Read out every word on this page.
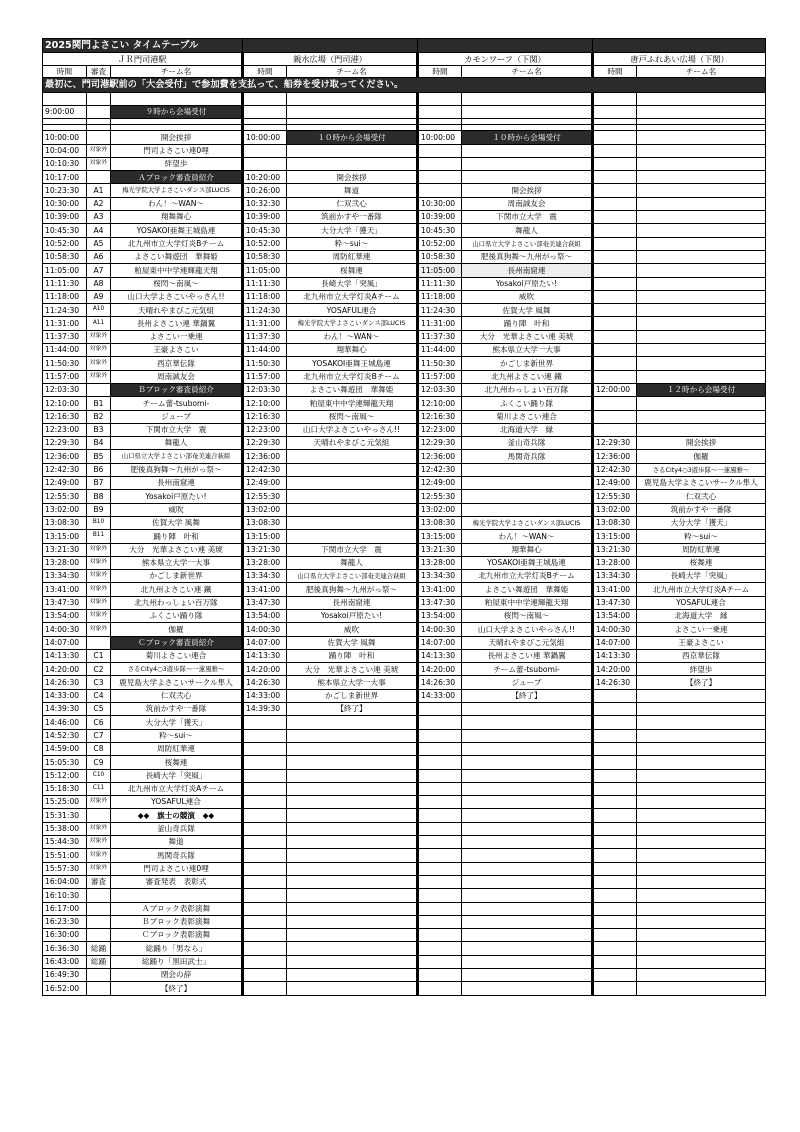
2025関門よさこい タイムテーブル								
ＪＲ門司港駅			親水広場（門司港）		カモンワーフ（下関）		唐戸ふれあい広場（下関）	
時間	審査	チーム名	時間	チーム名	時間	チーム名	時間	チーム名
最初に、門司港駅前の「大会受付」で参加費を支払って、船券を受け取ってください。								

9:00:00		９時から会場受付						

10:00:00		開会挨拶	10:00:00	１０時から会場受付	10:00:00	１０時から会場受付		
10:04:00	対象外	門司よさこい連0哩						
10:10:30	対象外	絆望歩						
10:17:00		Ａブロック審査員紹介	10:20:00	開会挨拶				
10:23:30	A1	梅光学院大学よさこいダンス部LUCIS	10:26:00	舞道		開会挨拶		
10:30:00	A2	わん！～WAN～	10:32:30	仁双弐心	10:30:00	周南誠友会		
10:39:00	A3	翔舞舞心	10:39:00	筑前かすや一番隊	10:39:00	下関市立大学　震		
10:45:30	A4	YOSAKOI亜舞王城島連	10:45:30	大分大学「獲天」	10:45:30	舞龍人		
10:52:00	A5	北九州市立大学灯炎Bチーム	10:52:00	粋～sui～	10:52:00	山口県立大学よさこい部奄美連合萩組		
10:58:30	A6	よさこい舞遊団　華舞姫	10:58:30	周防紅華連	10:58:30	肥後真狗舞～九州がっ祭～		
11:05:00	A7	粕屋東中中学連輝龍天翔	11:05:00	桜舞連	11:05:00	長州南窟連		
11:11:30	A8	桜閃～南風～	11:11:30	長崎大学「突風」	11:11:30	Yosakoi戸原たい!		
11:18:00	A9	山口大学よさこいやっさん!!	11:18:00	北九州市立大学灯炎Aチーム	11:18:00	威吹		
11:24:30	A10	天晴れやまびこ元気組	11:24:30	YOSAFUL連合	11:24:30	佐賀大学 風舞		
11:31:00	A11	長州よさこい連 華鍋翼	11:31:00	梅光学院大学よさこいダンス部LUCIS	11:31:00	踊り陣　叶和		
11:37:30	対象外	よさこい一乗連	11:37:30	わん！～WAN～	11:37:30	大分　光華よさこい連 美琥		
11:44:00	対象外	王豪よさこい	11:44:00	翔華舞心	11:44:00	熊本県立大学一大事		
11:50:30	対象外	西京華伝隊	11:50:30	YOSAKOI亜舞王城島連	11:50:30	かごしま新世界		
11:57:00	対象外	周南誠友会	11:57:00	北九州市立大学灯炎Bチーム	11:57:00	北九州よさこい連 鐵		
12:03:30		Ｂブロック審査員紹介	12:03:30	よさこい舞遊団　華舞姫	12:03:30	北九州わっしょい百万隊	12:00:00	１２時から会場受付
12:10:00	B1	チーム蕾-tsubomi-	12:10:00	粕屋東中中学連輝龍天翔	12:10:00	ふくこい踊り隊		
12:16:30	B2	ジューブ	12:16:30	桜閃～南風～	12:16:30	菊川よさこい連合		
12:23:00	B3	下関市立大学　震	12:23:00	山口大学よさこいやっさん!!	12:23:00	北海道大学　縁		
12:29:30	B4	舞龍人	12:29:30	天晴れやまびこ元気組	12:29:30	釜山奇兵隊	12:29:30	開会挨拶
12:36:00	B5	山口県立大学よさこい部奄美連合萩組	12:36:00		12:36:00	馬関奇兵隊	12:36:00	伽羅
12:42:30	B6	肥後真狗舞～九州がっ祭～	12:42:30		12:42:30		12:42:30	さるCity4○3遊歩隊～一蓮風雅～
12:49:00	B7	長州南窟連	12:49:00		12:49:00		12:49:00	鹿児島大学よさこいサークル隼人
12:55:30	B8	Yosakoi戸原たい!	12:55:30		12:55:30		12:55:30	仁双弐心
13:02:00	B9	威吹	13:02:00		13:02:00		13:02:00	筑前かすや一番隊
13:08:30	B10	佐賀大学 風舞	13:08:30		13:08:30	梅光学院大学よさこいダンス部LUCIS	13:08:30	大分大学「獲天」
13:15:00	B11	踊り陣　叶和	13:15:00		13:15:00	わん！～WAN～	13:15:00	粋～sui～
13:21:30	対象外	大分　光華よさこい連 美琥	13:21:30	下関市立大学　震	13:21:30	翔華舞心	13:21:30	周防紅華連
13:28:00	対象外	熊本県立大学一大事	13:28:00	舞龍人	13:28:00	YOSAKOI亜舞王城島連	13:28:00	桜舞連
13:34:30	対象外	かごしま新世界	13:34:30	山口県立大学よさこい部奄美連合萩組	13:34:30	北九州市立大学灯炎Bチーム	13:34:30	長崎大学「突風」
13:41:00	対象外	北九州よさこい連 鐵	13:41:00	肥後真狗舞～九州がっ祭～	13:41:00	よさこい舞遊団　華舞姫	13:41:00	北九州市立大学灯炎Aチーム
13:47:30	対象外	北九州わっしょい百万隊	13:47:30	長州南窟連	13:47:30	粕屋東中中学連輝龍天翔	13:47:30	YOSAFUL連合
13:54:00	対象外	ふくこい踊り隊	13:54:00	Yosakoi戸原たい!	13:54:00	桜閃～南風～	13:54:00	北海道大学　縁
14:00:30	対象外	伽羅	14:00:30	威吹	14:00:30	山口大学よさこいやっさん!!	14:00:30	よさこい一乗連
14:07:00		Ｃブロック審査員紹介	14:07:00	佐賀大学 風舞	14:07:00	天晴れやまびこ元気組	14:07:00	王豪よさこい
14:13:30	C1	菊川よさこい連合	14:13:30	踊り陣　叶和	14:13:30	長州よさこい連 華鍋翼	14:13:30	西京華伝隊
14:20:00	C2	さるCity4○3遊歩隊～一蓮風雅～	14:20:00	大分　光華よさこい連 美琥	14:20:00	チーム蕾-tsubomi-	14:20:00	絆望歩
14:26:30	C3	鹿児島大学よさこいサークル隼人	14:26:30	熊本県立大学一大事	14:26:30	ジューブ	14:26:30	【終了】
14:33:00	C4	仁双弐心	14:33:00	かごしま新世界	14:33:00	【終了】		
14:39:30	C5	筑前かすや一番隊	14:39:30	【終了】				
14:46:00	C6	大分大学「獲天」						
14:52:30	C7	粋～sui～						
14:59:00	C8	周防紅華連						
15:05:30	C9	桜舞連						
15:12:00	C10	長崎大学「突風」						
15:18:30	C11	北九州市立大学灯炎Aチーム						
15:25:00	対象外	YOSAFUL連合						
15:31:30		◆◆　旗士の競演　◆◆						
15:38:00	対象外	釜山奇兵隊						
15:44:30	対象外	舞道						
15:51:00	対象外	馬関奇兵隊						
15:57:30	対象外	門司よさこい連0哩						
16:04:00	審査	審査発表　表彰式						
16:10:30								
16:17:00		Ａブロック表彰演舞						
16:23:30		Ｂブロック表彰演舞						
16:30:00		Ｃブロック表彰演舞						
16:36:30	総踊	総踊り「男なら」						
16:43:00	総踊	総踊り「黒田武士」						
16:49:30		閉会の辞						
16:52:00		【終了】						
